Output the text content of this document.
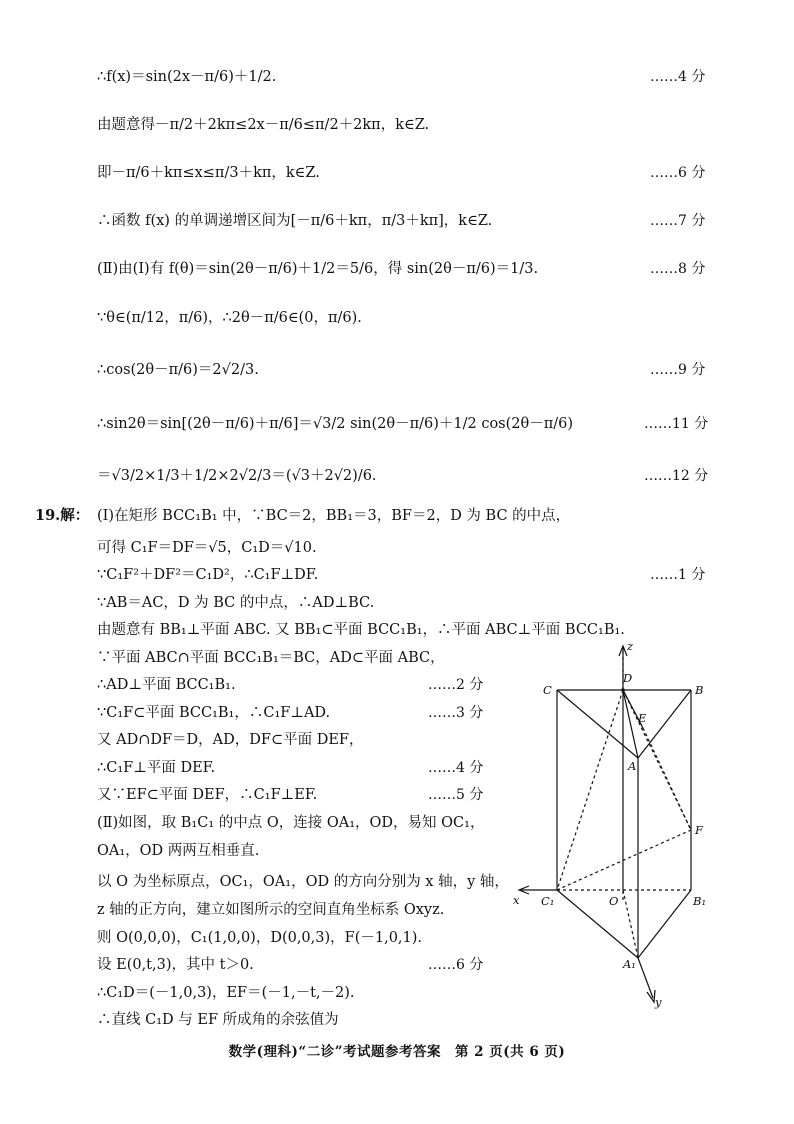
∴f(x)＝sin(2x－π/6)＋1/2.	……4 分
由题意得－π/2＋2kπ≤2x－π/6≤π/2＋2kπ，k∈Z.
即－π/6＋kπ≤x≤π/3＋kπ，k∈Z.	……6 分
∴函数 f(x) 的单调递增区间为[－π/6＋kπ，π/3＋kπ]，k∈Z.	……7 分
(Ⅱ)由(Ⅰ)有 f(θ)＝sin(2θ－π/6)＋1/2＝5/6，得 sin(2θ－π/6)＝1/3.	……8 分
∵θ∈(π/12，π/6)，∴2θ－π/6∈(0，π/6).
∴cos(2θ－π/6)＝2√2/3.	……9 分
∴sin2θ＝sin[(2θ－π/6)＋π/6]＝√3/2 sin(2θ－π/6)＋1/2 cos(2θ－π/6)	……11 分
＝√3/2×1/3＋1/2×2√2/3＝(√3＋2√2)/6.	……12 分
19.解： (Ⅰ)在矩形 BCC₁B₁ 中，∵BC＝2，BB₁＝3，BF＝2，D 为 BC 的中点，
可得 C₁F＝DF＝√5，C₁D＝√10.
∵C₁F²＋DF²＝C₁D²，∴C₁F⊥DF.	……1 分
∵AB＝AC，D 为 BC 的中点，∴AD⊥BC.
由题意有 BB₁⊥平面 ABC. 又 BB₁⊂平面 BCC₁B₁，∴平面 ABC⊥平面 BCC₁B₁.
∵平面 ABC∩平面 BCC₁B₁＝BC，AD⊂平面 ABC，
∴AD⊥平面 BCC₁B₁.	……2 分
∵C₁F⊂平面 BCC₁B₁，∴C₁F⊥AD.	……3 分
又 AD∩DF＝D，AD，DF⊂平面 DEF，
∴C₁F⊥平面 DEF.	……4 分
又∵EF⊂平面 DEF，∴C₁F⊥EF.	……5 分
(Ⅱ)如图，取 B₁C₁ 的中点 O，连接 OA₁，OD，易知 OC₁，
OA₁，OD 两两互相垂直.
以 O 为坐标原点，OC₁，OA₁，OD 的方向分别为 x 轴，y 轴，
z 轴的正方向，建立如图所示的空间直角坐标系 Oxyz.
则 O(0,0,0)，C₁(1,0,0)，D(0,0,3)，F(－1,0,1).
设 E(0,t,3)，其中 t＞0.	……6 分
∴C₁D＝(－1,0,3)，EF＝(－1,－t,－2).
∴直线 C₁D 与 EF 所成角的余弦值为
z
C
D
B
E
A
F
x C₁	O	B₁
A₁
y
数学(理科)“二诊”考试题参考答案　第 2 页(共 6 页)
